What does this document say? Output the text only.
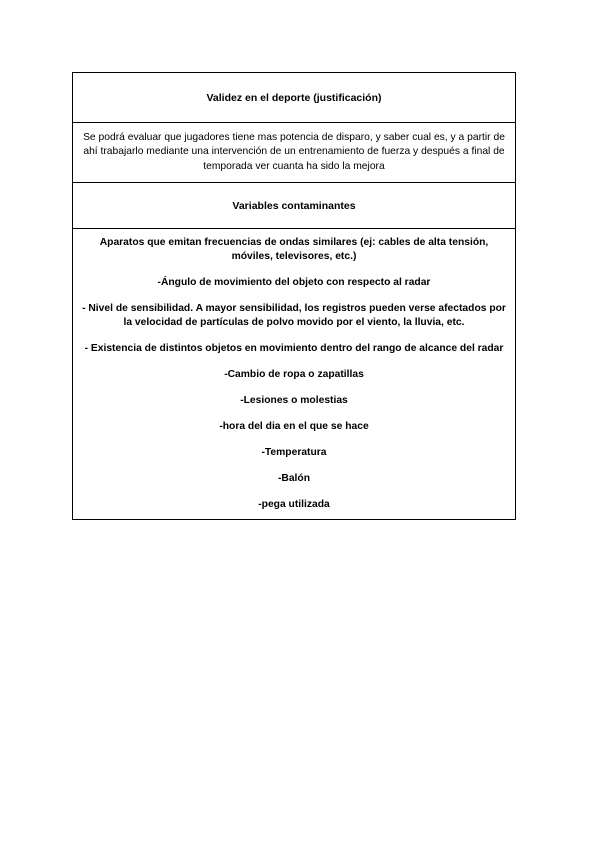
Validez en el deporte (justificación)
Se podrá evaluar que jugadores tiene mas potencia de disparo, y saber cual es, y a partir de ahí trabajarlo mediante una intervención de un entrenamiento de fuerza y después a final de temporada ver cuanta ha sido la mejora
Variables contaminantes

Aparatos que emitan frecuencias de ondas similares (ej: cables de alta tensión, móviles, televisores, etc.)

-Ángulo de movimiento del objeto con respecto al radar

- Nivel de sensibilidad. A mayor sensibilidad, los registros pueden verse afectados por la velocidad de partículas de polvo movido por el viento, la lluvia, etc.

- Existencia de distintos objetos en movimiento dentro del rango de alcance del radar

-Cambio de ropa o zapatillas

-Lesiones o molestias

-hora del dia en el que se hace

-Temperatura

-Balón

-pega utilizada
